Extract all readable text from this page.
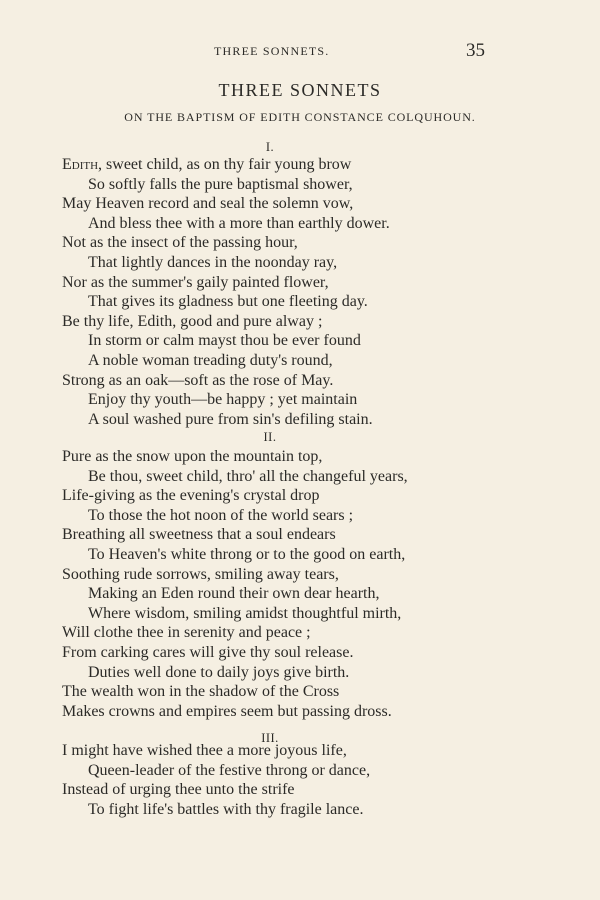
THREE SONNETS.	35
THREE SONNETS
ON THE BAPTISM OF EDITH CONSTANCE COLQUHOUN.
I.
Edith, sweet child, as on thy fair young brow
So softly falls the pure baptismal shower,
May Heaven record and seal the solemn vow,
And bless thee with a more than earthly dower.
Not as the insect of the passing hour,
That lightly dances in the noonday ray,
Nor as the summer's gaily painted flower,
That gives its gladness but one fleeting day.
Be thy life, Edith, good and pure alway ;
In storm or calm mayst thou be ever found
A noble woman treading duty's round,
Strong as an oak—soft as the rose of May.
Enjoy thy youth—be happy ; yet maintain
A soul washed pure from sin's defiling stain.
II.
Pure as the snow upon the mountain top,
Be thou, sweet child, thro' all the changeful years,
Life-giving as the evening's crystal drop
To those the hot noon of the world sears ;
Breathing all sweetness that a soul endears
To Heaven's white throng or to the good on earth,
Soothing rude sorrows, smiling away tears,
Making an Eden round their own dear hearth,
Where wisdom, smiling amidst thoughtful mirth,
Will clothe thee in serenity and peace ;
From carking cares will give thy soul release.
Duties well done to daily joys give birth.
The wealth won in the shadow of the Cross
Makes crowns and empires seem but passing dross.
III.
I might have wished thee a more joyous life,
Queen-leader of the festive throng or dance,
Instead of urging thee unto the strife
To fight life's battles with thy fragile lance.
